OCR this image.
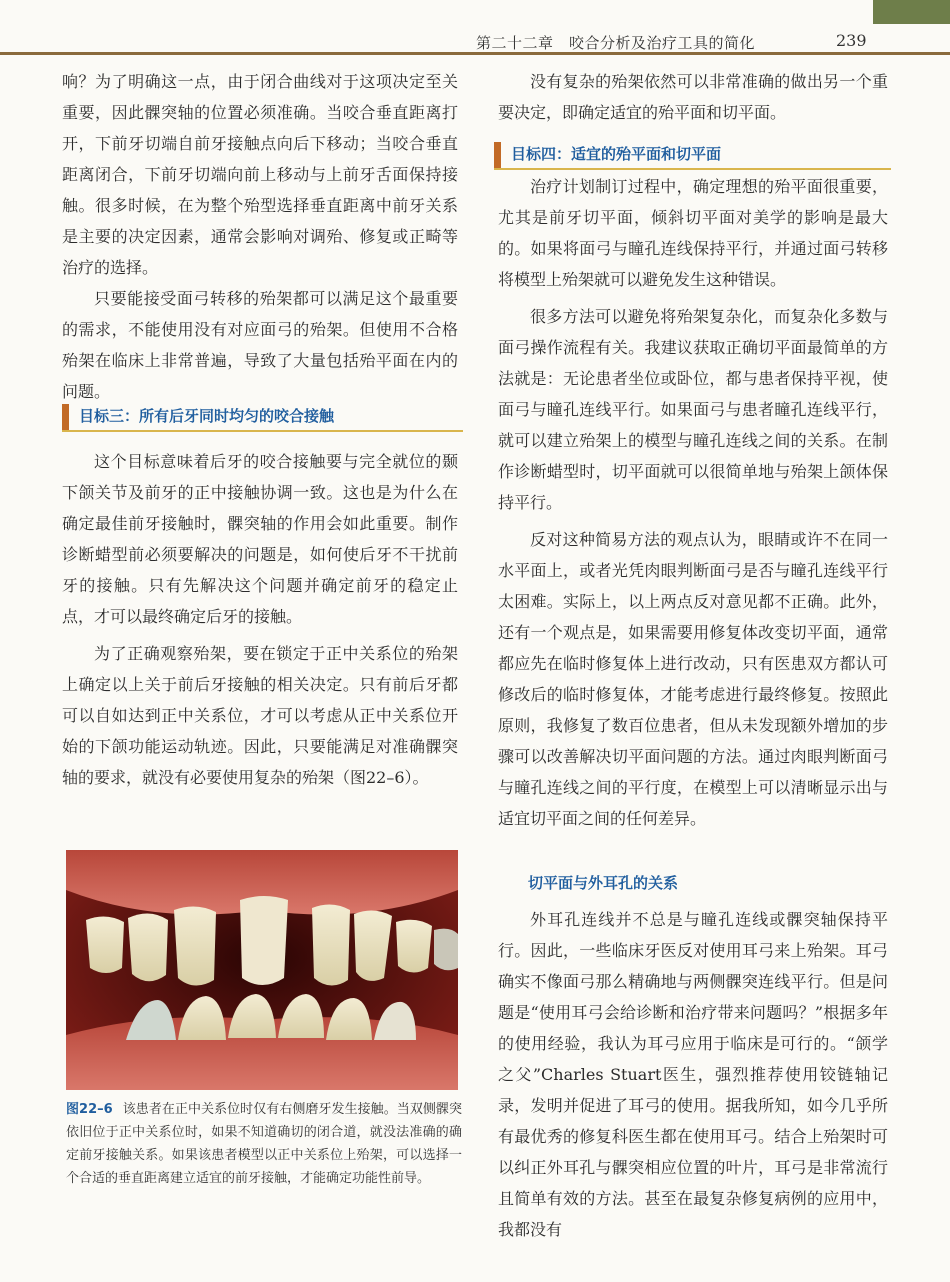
第二十二章　咬合分析及治疗工具的简化	239

响？为了明确这一点，由于闭合曲线对于这项决定至关重要，因此髁突轴的位置必须准确。当咬合垂直距离打开，下前牙切端自前牙接触点向后下移动；当咬合垂直距离闭合，下前牙切端向前上移动与上前牙舌面保持接触。很多时候，在为整个殆型选择垂直距离中前牙关系是主要的决定因素，通常会影响对调殆、修复或正畸等治疗的选择。

只要能接受面弓转移的殆架都可以满足这个最重要的需求，不能使用没有对应面弓的殆架。但使用不合格殆架在临床上非常普遍，导致了大量包括殆平面在内的问题。

目标三：所有后牙同时均匀的咬合接触

这个目标意味着后牙的咬合接触要与完全就位的颞下颌关节及前牙的正中接触协调一致。这也是为什么在确定最佳前牙接触时，髁突轴的作用会如此重要。制作诊断蜡型前必须要解决的问题是，如何使后牙不干扰前牙的接触。只有先解决这个问题并确定前牙的稳定止点，才可以最终确定后牙的接触。

为了正确观察殆架，要在锁定于正中关系位的殆架上确定以上关于前后牙接触的相关决定。只有前后牙都可以自如达到正中关系位，才可以考虑从正中关系位开始的下颌功能运动轨迹。因此，只要能满足对准确髁突轴的要求，就没有必要使用复杂的殆架（图22–6）。

图22–6 该患者在正中关系位时仅有右侧磨牙发生接触。当双侧髁突依旧位于正中关系位时，如果不知道确切的闭合道，就没法准确的确定前牙接触关系。如果该患者模型以正中关系位上殆架，可以选择一个合适的垂直距离建立适宜的前牙接触，才能确定功能性前导。

没有复杂的殆架依然可以非常准确的做出另一个重要决定，即确定适宜的殆平面和切平面。

目标四：适宜的殆平面和切平面

治疗计划制订过程中，确定理想的殆平面很重要，尤其是前牙切平面，倾斜切平面对美学的影响是最大的。如果将面弓与瞳孔连线保持平行，并通过面弓转移将模型上殆架就可以避免发生这种错误。

很多方法可以避免将殆架复杂化，而复杂化多数与面弓操作流程有关。我建议获取正确切平面最简单的方法就是：无论患者坐位或卧位，都与患者保持平视，使面弓与瞳孔连线平行。如果面弓与患者瞳孔连线平行，就可以建立殆架上的模型与瞳孔连线之间的关系。在制作诊断蜡型时，切平面就可以很简单地与殆架上颌体保持平行。

反对这种简易方法的观点认为，眼睛或许不在同一水平面上，或者光凭肉眼判断面弓是否与瞳孔连线平行太困难。实际上，以上两点反对意见都不正确。此外，还有一个观点是，如果需要用修复体改变切平面，通常都应先在临时修复体上进行改动，只有医患双方都认可修改后的临时修复体，才能考虑进行最终修复。按照此原则，我修复了数百位患者，但从未发现额外增加的步骤可以改善解决切平面问题的方法。通过肉眼判断面弓与瞳孔连线之间的平行度，在模型上可以清晰显示出与适宜切平面之间的任何差异。

切平面与外耳孔的关系

外耳孔连线并不总是与瞳孔连线或髁突轴保持平行。因此，一些临床牙医反对使用耳弓来上殆架。耳弓确实不像面弓那么精确地与两侧髁突连线平行。但是问题是“使用耳弓会给诊断和治疗带来问题吗？”根据多年的使用经验，我认为耳弓应用于临床是可行的。“颌学之父”Charles Stuart医生，强烈推荐使用铰链轴记录，发明并促进了耳弓的使用。据我所知，如今几乎所有最优秀的修复科医生都在使用耳弓。结合上殆架时可以纠正外耳孔与髁突相应位置的叶片，耳弓是非常流行且简单有效的方法。甚至在最复杂修复病例的应用中，我都没有
